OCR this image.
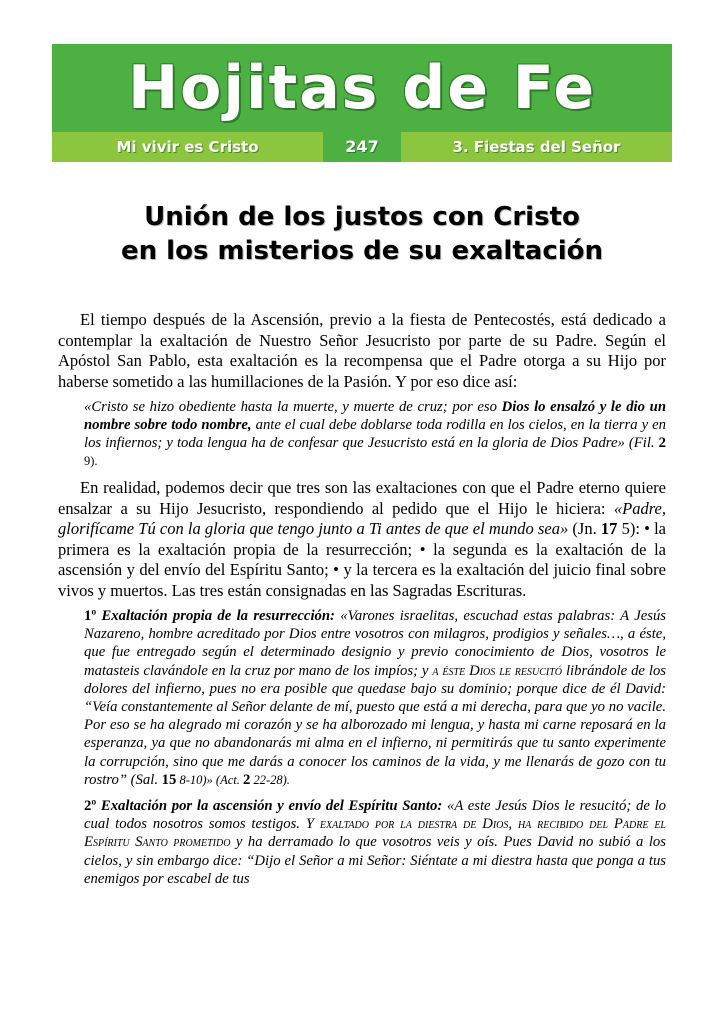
Hojitas de Fe
Mi vivir es Cristo	247	3. Fiestas del Señor
Unión de los justos con Cristo
en los misterios de su exaltación

El tiempo después de la Ascensión, previo a la fiesta de Pentecostés, está dedicado a contemplar la exaltación de Nuestro Señor Jesucristo por parte de su Padre. Según el Apóstol San Pablo, esta exaltación es la recompensa que el Padre otorga a su Hijo por haberse sometido a las humillaciones de la Pasión. Y por eso dice así:

«Cristo se hizo obediente hasta la muerte, y muerte de cruz; por eso Dios lo ensalzó y le dio un nombre sobre todo nombre, ante el cual debe doblarse toda rodilla en los cielos, en la tierra y en los infiernos; y toda lengua ha de confesar que Jesucristo está en la gloria de Dios Padre» (Fil. 2 9).

En realidad, podemos decir que tres son las exaltaciones con que el Padre eterno quiere ensalzar a su Hijo Jesucristo, respondiendo al pedido que el Hijo le hiciera: «Padre, glorifícame Tú con la gloria que tengo junto a Ti antes de que el mundo sea» (Jn. 17 5): • la primera es la exaltación propia de la resurrección; • la segunda es la exaltación de la ascensión y del envío del Espíritu Santo; • y la tercera es la exaltación del juicio final sobre vivos y muertos. Las tres están consignadas en las Sagradas Escrituras.

1º Exaltación propia de la resurrección: «Varones israelitas, escuchad estas palabras: A Jesús Nazareno, hombre acreditado por Dios entre vosotros con milagros, prodigios y señales…, a éste, que fue entregado según el determinado designio y previo conocimiento de Dios, vosotros le matasteis clavándole en la cruz por mano de los impíos; y a éste Dios le resucitó librándole de los dolores del infierno, pues no era posible que quedase bajo su dominio; porque dice de él David: “Veía constantemente al Señor delante de mí, puesto que está a mi derecha, para que yo no vacile. Por eso se ha alegrado mi corazón y se ha alborozado mi lengua, y hasta mi carne reposará en la esperanza, ya que no abandonarás mi alma en el infierno, ni permitirás que tu santo experimente la corrupción, sino que me darás a conocer los caminos de la vida, y me llenarás de gozo con tu rostro” (Sal. 15 8-10)» (Act. 2 22-28).

2º Exaltación por la ascensión y envío del Espíritu Santo: «A este Jesús Dios le resucitó; de lo cual todos nosotros somos testigos. Y exaltado por la diestra de Dios, ha recibido del Padre el Espíritu Santo prometido y ha derramado lo que vosotros veis y oís. Pues David no subió a los cielos, y sin embargo dice: “Dijo el Señor a mi Señor: Siéntate a mi diestra hasta que ponga a tus enemigos por escabel de tus
